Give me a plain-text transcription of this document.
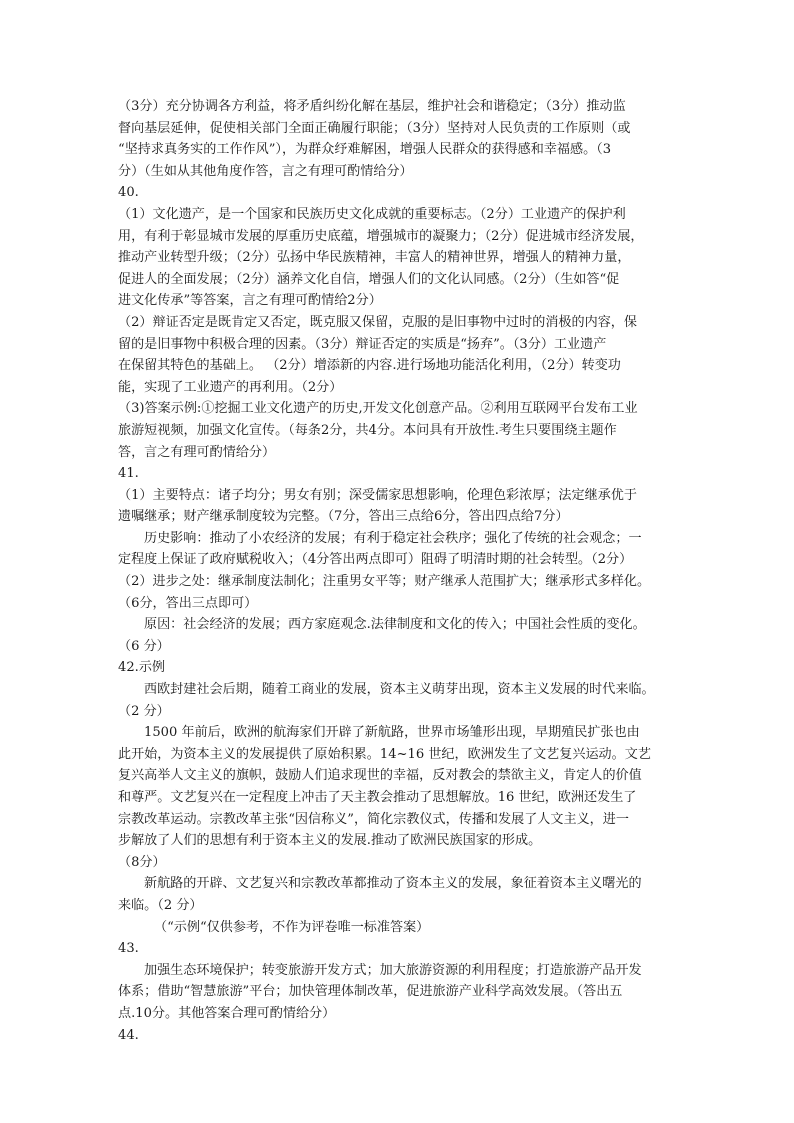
（3分）充分协调各方利益，将矛盾纠纷化解在基层，维护社会和谐稳定；（3分）推动监
督向基层延伸，促使相关部门全面正确履行职能；（3分）坚持对人民负责的工作原则（或
“坚持求真务实的工作作风”），为群众纾难解困，增强人民群众的获得感和幸福感。（3
分）（生如从其他角度作答，言之有理可酌情给分）
40.
（1）文化遗产，是一个国家和民族历史文化成就的重要标志。（2分）工业遗产的保护利
用，有利于彰显城市发展的厚重历史底蕴，增强城市的凝聚力；（2分）促进城市经济发展，
推动产业转型升级；（2分）弘扬中华民族精神，丰富人的精神世界，增强人的精神力量，
促进人的全面发展；（2分）涵养文化自信，增强人们的文化认同感。（2分）（生如答“促
进文化传承”等答案，言之有理可酌情给2分）
（2）辩证否定是既肯定又否定，既克服又保留，克服的是旧事物中过时的消极的内容，保
留的是旧事物中积极合理的因素。（3分）辩证否定的实质是“扬弃”。（3分）工业遗产
在保留其特色的基础上。 （2分）增添新的内容.进行场地功能活化利用，（2分）转变功
能，实现了工业遗产的再利用。（2分）
（3)答案示例:①挖掘工业文化遗产的历史,开发文化创意产品。②利用互联网平台发布工业
旅游短视频，加强文化宣传。（每条2分，共4分。本问具有开放性.考生只要围绕主题作
答，言之有理可酌情给分）
41.
（1）主要特点：诸子均分；男女有别；深受儒家思想影响，伦理色彩浓厚；法定继承优于
遗嘱继承；财产继承制度较为完整。（7分，答出三点给6分，答出四点给7分）
历史影响：推动了小农经济的发展；有利于稳定社会秩序；强化了传统的社会观念；一
定程度上保证了政府赋税收入；（4分答出两点即可）阻碍了明清时期的社会转型。（2分）
（2）进步之处：继承制度法制化；注重男女平等；财产继承人范围扩大；继承形式多样化。
（6分，答出三点即可）
原因：社会经济的发展；西方家庭观念.法律制度和文化的传入；中国社会性质的变化。
（6 分）
42.示例
西欧封建社会后期，随着工商业的发展，资本主义萌芽出现，资本主义发展的时代来临。
（2 分）
1500 年前后，欧洲的航海家们开辟了新航路，世界市场雏形出现，早期殖民扩张也由
此开始，为资本主义的发展提供了原始积累。14~16 世纪，欧洲发生了文艺复兴运动。文艺
复兴高举人文主义的旗帜，鼓励人们追求现世的幸福，反对教会的禁欲主义，肯定人的价值
和尊严。文艺复兴在一定程度上冲击了天主教会推动了思想解放。16 世纪，欧洲还发生了
宗教改革运动。宗教改革主张“因信称义”，简化宗教仪式，传播和发展了人文主义，进一
步解放了人们的思想有利于资本主义的发展.推动了欧洲民族国家的形成。
（8分）
新航路的开辟、文艺复兴和宗教改革都推动了资本主义的发展，象征着资本主义曙光的
来临。（2 分）
（“示例“仅供参考，不作为评卷唯一标准答案）
43.
加强生态环境保护；转变旅游开发方式；加大旅游资源的利用程度；打造旅游产品开发
体系；借助“智慧旅游”平台；加快管理体制改革，促进旅游产业科学高效发展。（答出五
点.10分。其他答案合理可酌情给分）
44.
